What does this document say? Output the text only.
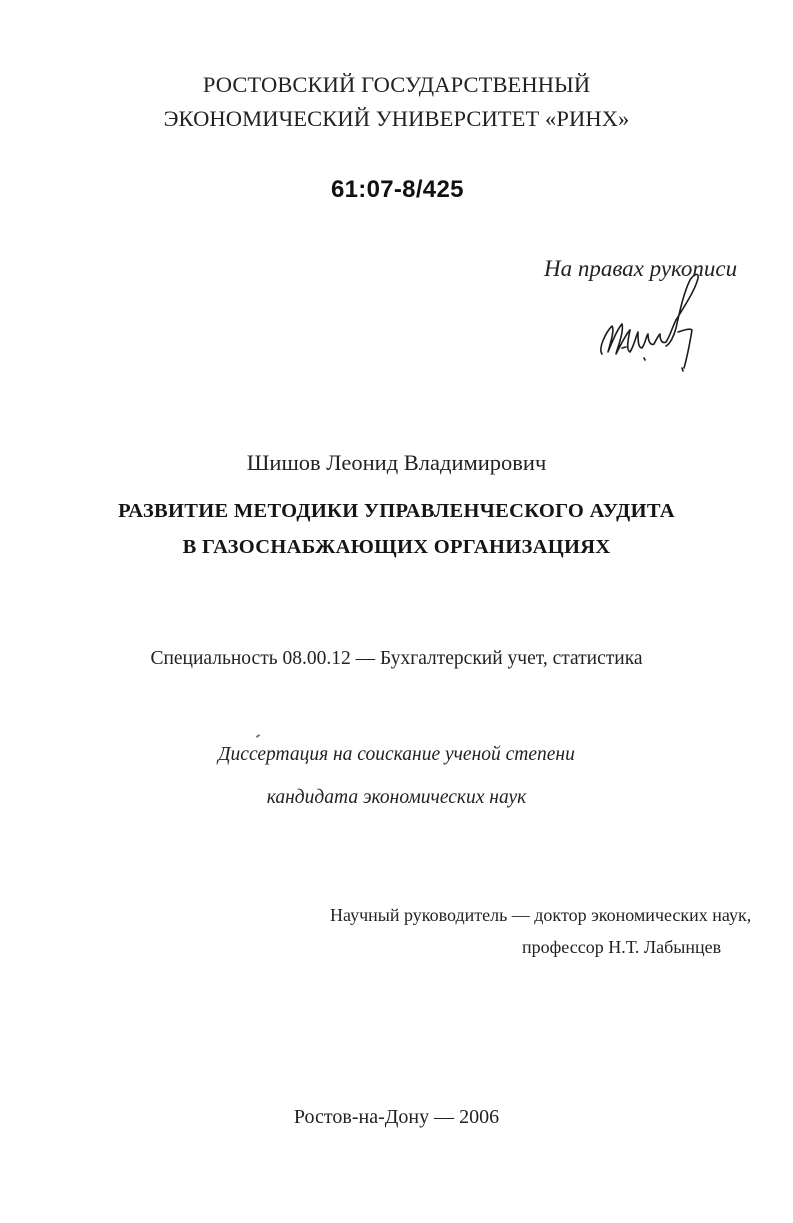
РОСТОВСКИЙ ГОСУДАРСТВЕННЫЙ
ЭКОНОМИЧЕСКИЙ УНИВЕРСИТЕТ «РИНХ»
61:07-8/425
На правах рукописи
Шишов Леонид Владимирович
РАЗВИТИЕ МЕТОДИКИ УПРАВЛЕНЧЕСКОГО АУДИТА
В ГАЗОСНАБЖАЮЩИХ ОРГАНИЗАЦИЯХ
Специальность 08.00.12 — Бухгалтерский учет, статистика
Диссертация на соискание ученой степени
кандидата экономических наук
Научный руководитель — доктор экономических наук,
профессор Н.Т. Лабынцев
Ростов-на-Дону — 2006
